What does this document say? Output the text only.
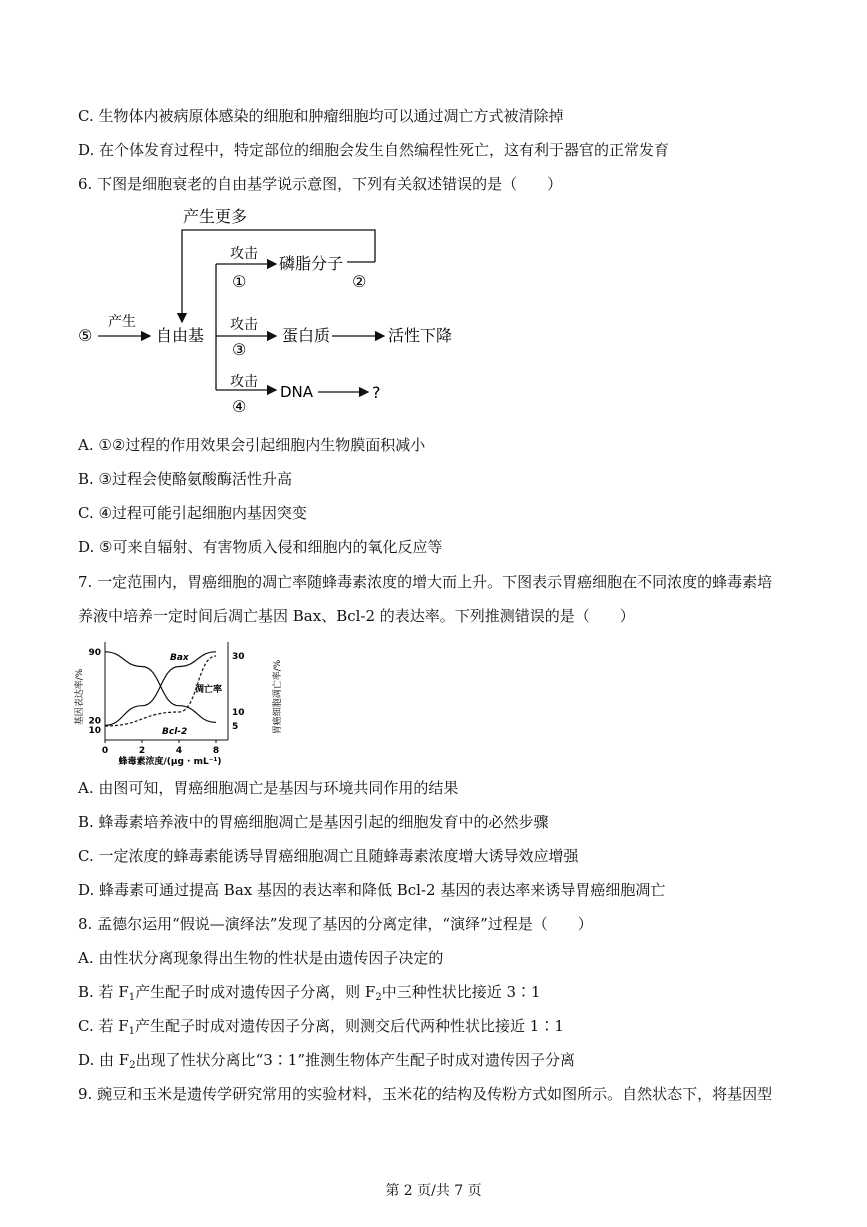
C. 生物体内被病原体感染的细胞和肿瘤细胞均可以通过凋亡方式被清除掉
D. 在个体发育过程中，特定部位的细胞会发生自然编程性死亡，这有利于器官的正常发育
6. 下图是细胞衰老的自由基学说示意图，下列有关叙述错误的是（　　）
产生更多
⑤
产生
自由基
攻击
①
磷脂分子
②
攻击
③
蛋白质	活性下降
攻击
④
DNA	?
A. ①②过程的作用效果会引起细胞内生物膜面积减小
B. ③过程会使酪氨酸酶活性升高
C. ④过程可能引起细胞内基因突变
D. ⑤可来自辐射、有害物质入侵和细胞内的氧化反应等
7. 一定范围内，胃癌细胞的凋亡率随蜂毒素浓度的增大而上升。下图表示胃癌细胞在不同浓度的蜂毒素培
养液中培养一定时间后凋亡基因 Bax、Bcl-2 的表达率。下列推测错误的是（　　）
基因表达率/%	胃癌细胞凋亡率/%
蜂毒素浓度/(μg · mL⁻¹)
0	2	4	8
90
20
10
30
10
5
Bax
Bcl-2
凋亡率
A. 由图可知，胃癌细胞凋亡是基因与环境共同作用的结果
B. 蜂毒素培养液中的胃癌细胞凋亡是基因引起的细胞发育中的必然步骤
C. 一定浓度的蜂毒素能诱导胃癌细胞凋亡且随蜂毒素浓度增大诱导效应增强
D. 蜂毒素可通过提高 Bax 基因的表达率和降低 Bcl-2 基因的表达率来诱导胃癌细胞凋亡
8. 孟德尔运用“假说—演绎法”发现了基因的分离定律，“演绎”过程是（　　）
A. 由性状分离现象得出生物的性状是由遗传因子决定的
B. 若 $F_1$产生配子时成对遗传因子分离，则 $F_2$中三种性状比接近 3∶1
C. 若 $F_1$产生配子时成对遗传因子分离，则测交后代两种性状比接近 1∶1
D. 由 $F_2$出现了性状分离比“3∶1”推测生物体产生配子时成对遗传因子分离
9. 豌豆和玉米是遗传学研究常用的实验材料，玉米花的结构及传粉方式如图所示。自然状态下，将基因型
第 2 页/共 7 页
